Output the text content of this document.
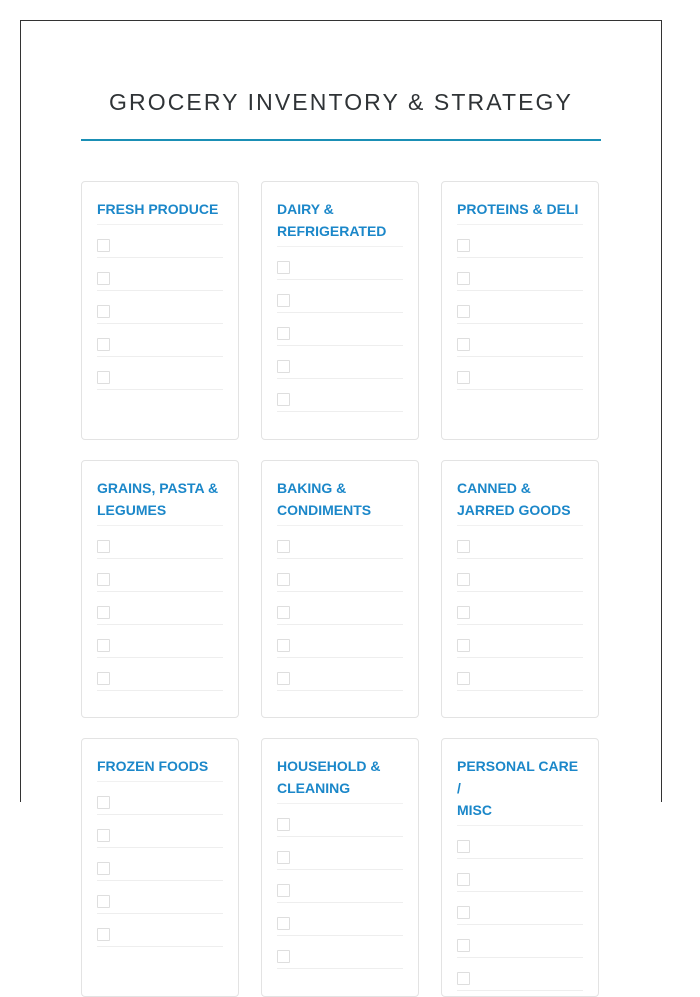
GROCERY INVENTORY & STRATEGY
FRESH PRODUCE	DAIRY &
REFRIGERATED
PROTEINS & DELI
GRAINS, PASTA &
LEGUMES
BAKING &
CONDIMENTS
CANNED &
JARRED GOODS
FROZEN FOODS	HOUSEHOLD &
CLEANING
PERSONAL CARE /
MISC
